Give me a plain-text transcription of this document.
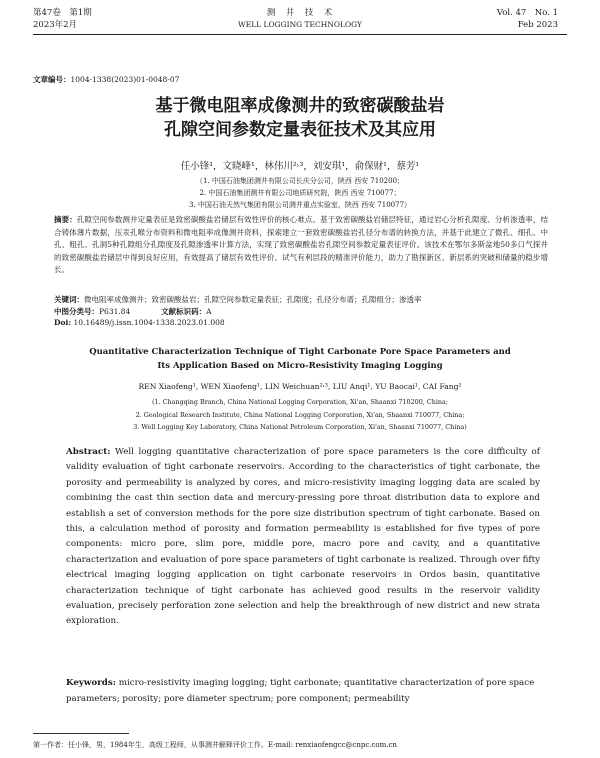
第47卷　第1期
2023年2月
测　井　技　术
WELL LOGGING TECHNOLOGY
Vol. 47　No. 1
Feb 2023
文章编号：1004-1338(2023)01-0048-07
基于微电阻率成像测井的致密碳酸盐岩
孔隙空间参数定量表征技术及其应用
任小锋¹，文晓峰¹，林伟川²˒³，刘安琪¹，俞保财¹，蔡芳¹
（1. 中国石油集团测井有限公司长庆分公司，陕西 西安 710200；
2. 中国石油集团测井有限公司地质研究院，陕西 西安 710077；
3. 中国石油天然气集团有限公司测井重点实验室，陕西 西安 710077）
摘要：孔隙空间参数测井定量表征是致密碳酸盐岩储层有效性评价的核心难点。基于致密碳酸盐岩储层特征，通过岩心分析孔隙度、分析渗透率，结合铸体薄片数据，压汞孔喉分布资料和微电阻率成像测井资料，探索建立一套致密碳酸盐岩孔径分布谱的转换方法，并基于此建立了微孔、细孔、中孔、粗孔、孔洞5种孔隙组分孔隙度及孔隙渗透率计算方法，实现了致密碳酸盐岩孔隙空间参数定量表征评价。该技术在鄂尔多斯盆地50多口气探井的致密碳酸盐岩储层中得到良好应用，有效提高了储层有效性评价、试气有利层段的精准评价能力，助力了勘探新区、新层系的突破和储量的稳步增长。
关键词：微电阻率成像测井；致密碳酸盐岩；孔隙空间参数定量表征；孔隙度；孔径分布谱；孔隙组分；渗透率
中图分类号：P631.84	文献标识码：A
Doi: 10.16489/j.issn.1004-1338.2023.01.008
Quantitative Characterization Technique of Tight Carbonate Pore Space Parameters and
Its Application Based on Micro-Resistivity Imaging Logging
REN Xiaofeng¹, WEN Xiaofeng¹, LIN Weichuan²˒³, LIU Anqi¹, YU Baocai¹, CAI Fang¹
(1. Changqing Branch, China National Logging Corporation, Xi'an, Shaanxi 710200, China;
2. Geological Research Institute, China National Logging Corporation, Xi'an, Shaanxi 710077, China;
3. Well Logging Key Laboratory, China National Petroleum Corporation, Xi'an, Shaanxi 710077, China)
Abstract: Well logging quantitative characterization of pore space parameters is the core difficulty of validity evaluation of tight carbonate reservoirs. According to the characteristics of tight carbonate, the porosity and permeability is analyzed by cores, and micro-resistivity imaging logging data are scaled by combining the cast thin section data and mercury-pressing pore throat distribution data to explore and establish a set of conversion methods for the pore size distribution spectrum of tight carbonate. Based on this, a calculation method of porosity and formation permeability is established for five types of pore components: micro pore, slim pore, middle pore, macro pore and cavity, and a quantitative characterization and evaluation of pore space parameters of tight carbonate is realized. Through over fifty electrical imaging logging application on tight carbonate reservoirs in Ordos basin, quantitative characterization technique of tight carbonate has achieved good results in the reservoir validity evaluation, precisely perforation zone selection and help the breakthrough of new district and new strata exploration.
Keywords: micro-resistivity imaging logging; tight carbonate; quantitative characterization of pore space parameters; porosity; pore diameter spectrum; pore component; permeability
第一作者：任小锋，男，1984年生，高级工程师，从事测井解释评价工作。E-mail: renxiaofengcc@cnpc.com.cn
